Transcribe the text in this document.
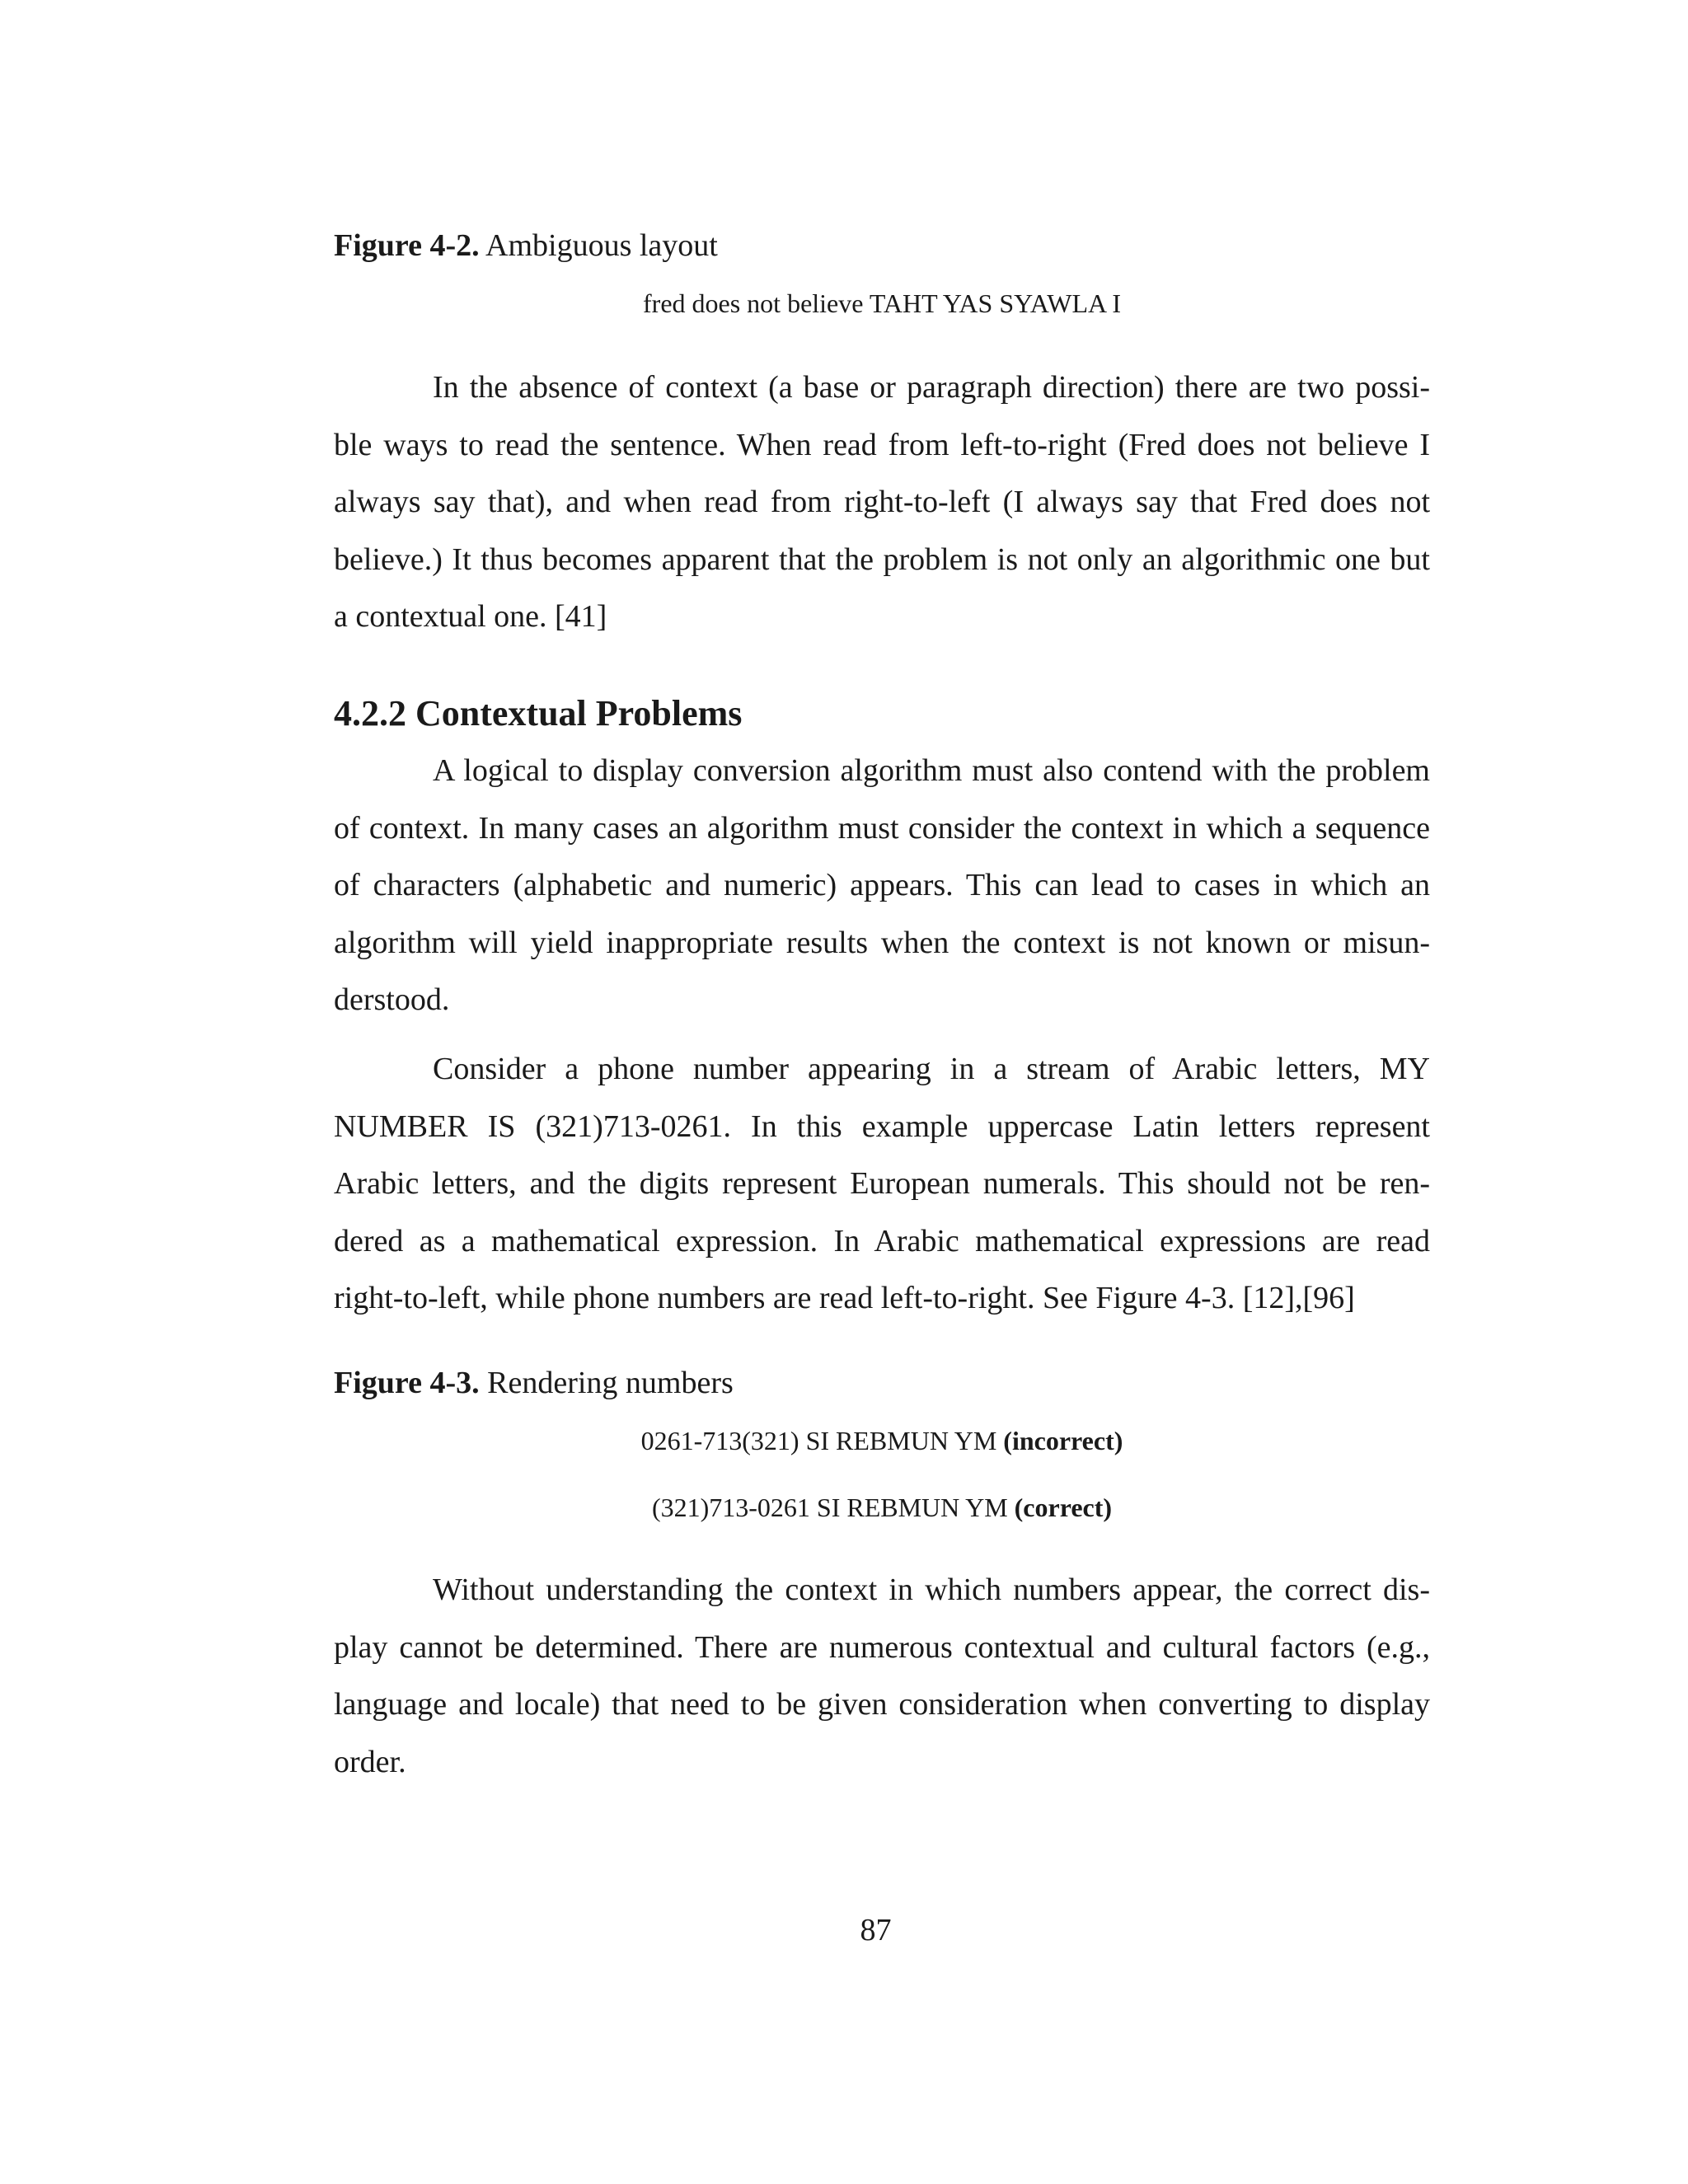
Figure 4-2. Ambiguous layout

fred does not believe TAHT YAS SYAWLA I

In the absence of context (a base or paragraph direction) there are two possi-
ble ways to read the sentence. When read from left-to-right (Fred does not believe I
always say that), and when read from right-to-left (I always say that Fred does not
believe.) It thus becomes apparent that the problem is not only an algorithmic one but
a contextual one. [41]
4.2.2 Contextual Problems
A logical to display conversion algorithm must also contend with the problem
of context. In many cases an algorithm must consider the context in which a sequence
of characters (alphabetic and numeric) appears. This can lead to cases in which an
algorithm will yield inappropriate results when the context is not known or misun-
derstood.
Consider a phone number appearing in a stream of Arabic letters, MY
NUMBER IS (321)713-0261. In this example uppercase Latin letters represent
Arabic letters, and the digits represent European numerals. This should not be ren-
dered as a mathematical expression. In Arabic mathematical expressions are read
right-to-left, while phone numbers are read left-to-right. See Figure 4-3. [12],[96]

Figure 4-3. Rendering numbers

0261-713(321) SI REBMUN YM (incorrect)

(321)713-0261 SI REBMUN YM (correct)

Without understanding the context in which numbers appear, the correct dis-
play cannot be determined. There are numerous contextual and cultural factors (e.g.,
language and locale) that need to be given consideration when converting to display
order.

87
